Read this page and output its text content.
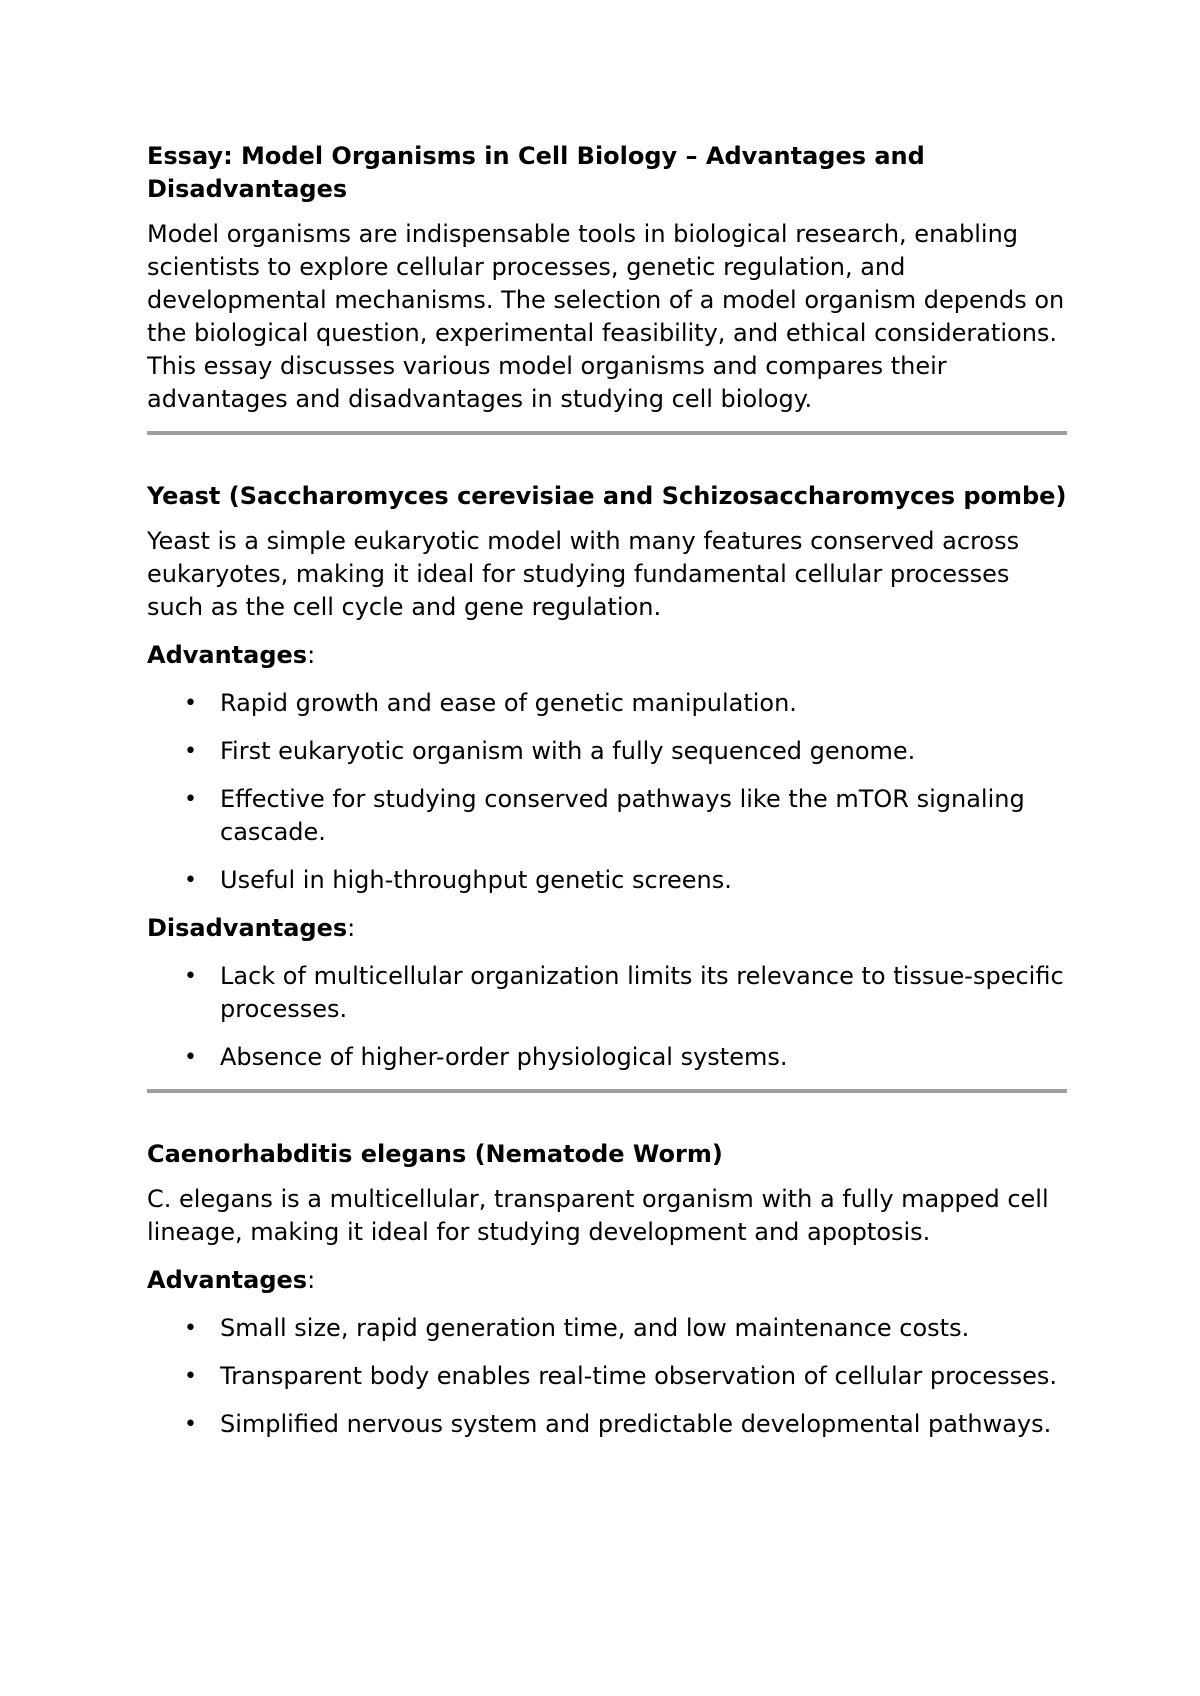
Essay: Model Organisms in Cell Biology – Advantages and Disadvantages
Model organisms are indispensable tools in biological research, enabling scientists to explore cellular processes, genetic regulation, and developmental mechanisms. The selection of a model organism depends on the biological question, experimental feasibility, and ethical considerations. This essay discusses various model organisms and compares their advantages and disadvantages in studying cell biology.
Yeast (Saccharomyces cerevisiae and Schizosaccharomyces pombe)
Yeast is a simple eukaryotic model with many features conserved across eukaryotes, making it ideal for studying fundamental cellular processes such as the cell cycle and gene regulation.
Advantages:
• Rapid growth and ease of genetic manipulation.
• First eukaryotic organism with a fully sequenced genome.
• Effective for studying conserved pathways like the mTOR signaling cascade.
• Useful in high-throughput genetic screens.
Disadvantages:
• Lack of multicellular organization limits its relevance to tissue-specific processes.
• Absence of higher-order physiological systems.
Caenorhabditis elegans (Nematode Worm)
C. elegans is a multicellular, transparent organism with a fully mapped cell lineage, making it ideal for studying development and apoptosis.
Advantages:
• Small size, rapid generation time, and low maintenance costs.
• Transparent body enables real-time observation of cellular processes.
• Simplified nervous system and predictable developmental pathways.
